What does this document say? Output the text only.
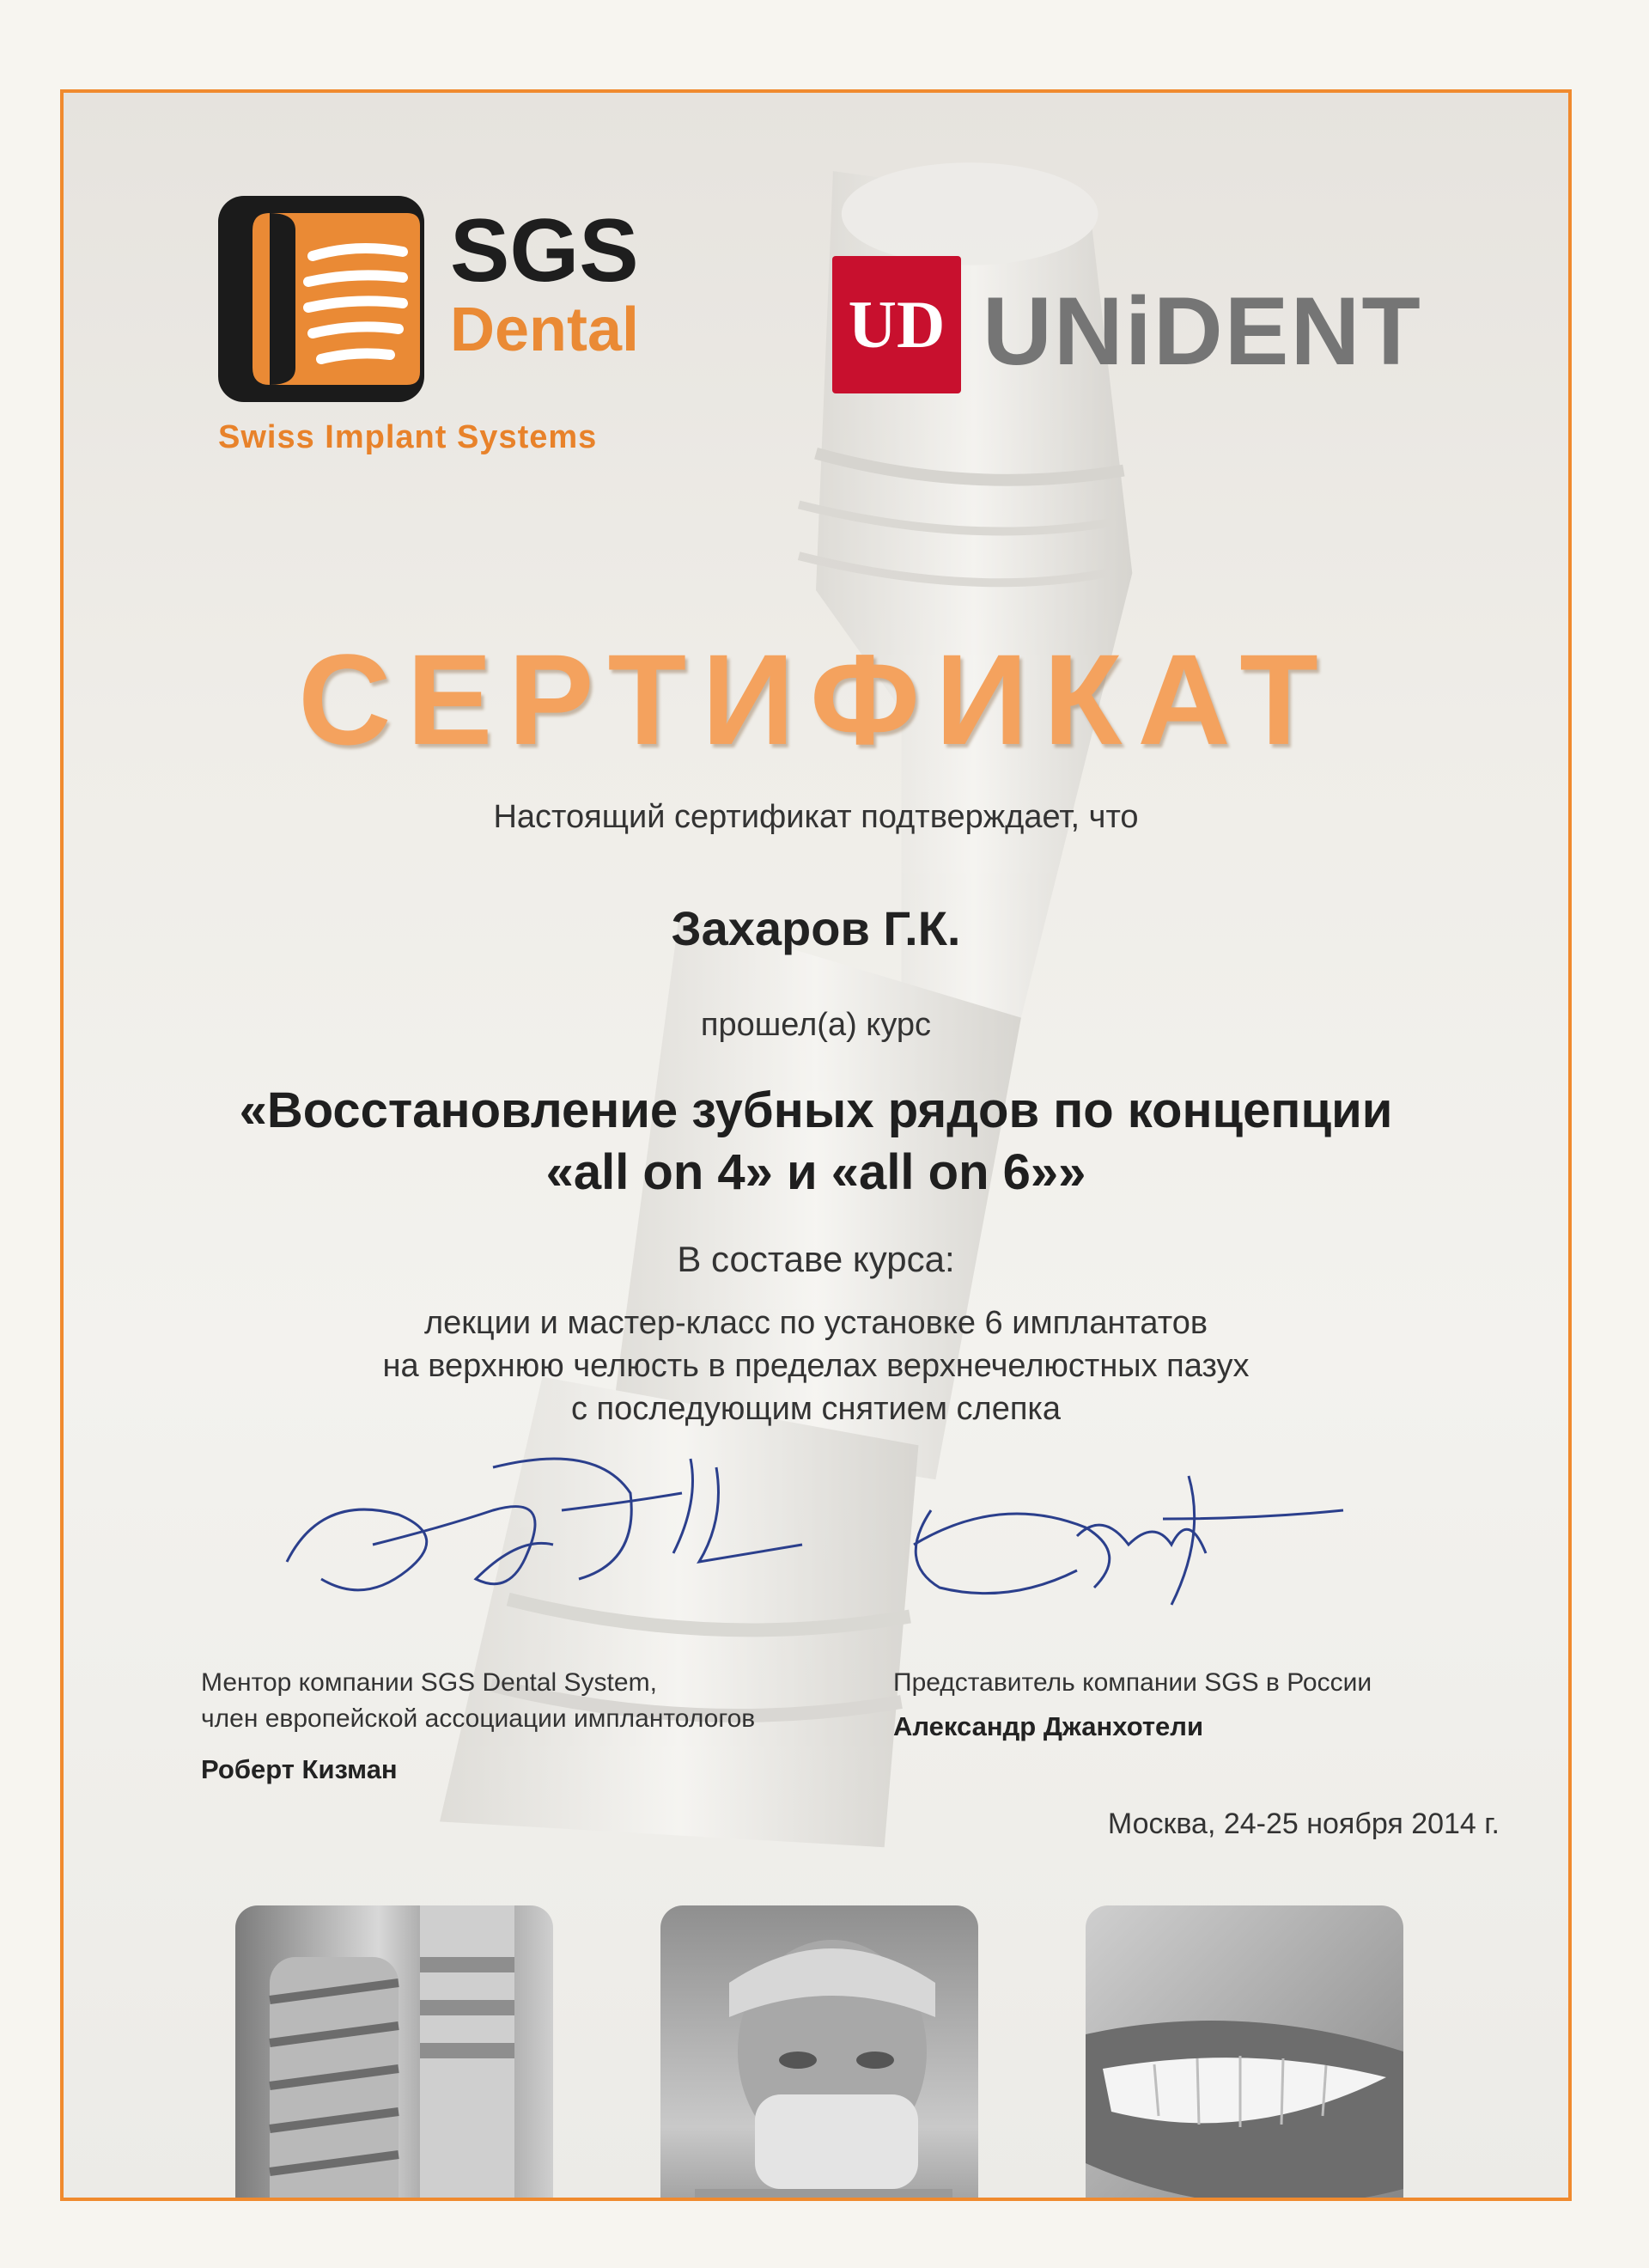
SGS
Dental
Swiss Implant Systems
UD UNiDENT
СЕРТИФИКАТ
Настоящий сертификат подтверждает, что
Захаров Г.К.
прошел(а) курс
«Восстановление зубных рядов по концепции
«all on 4» и «all on 6»»
В составе курса:
лекции и мастер-класс по установке 6 имплантатов
на верхнюю челюсть в пределах верхнечелюстных пазух
с последующим снятием слепка
Ментор компании SGS Dental System,
член европейской ассоциации имплантологов
Роберт Кизман
Представитель компании SGS в России
Александр Джанхотели
Москва, 24-25 ноября 2014 г.
